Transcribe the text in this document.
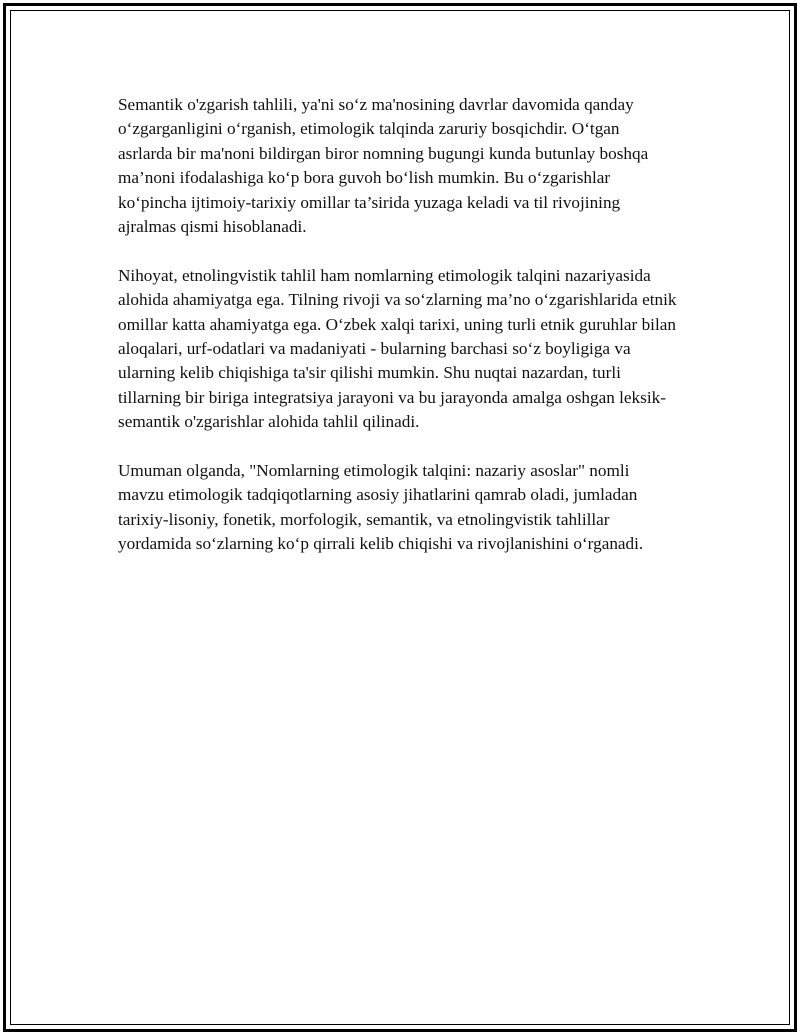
Semantik o'zgarish tahlili, ya'ni so‘z ma'nosining davrlar davomida qanday o‘zgarganligini o‘rganish, etimologik talqinda zaruriy bosqichdir. O‘tgan asrlarda bir ma'noni bildirgan biror nomning bugungi kunda butunlay boshqa ma’noni ifodalashiga ko‘p bora guvoh bo‘lish mumkin. Bu o‘zgarishlar ko‘pincha ijtimoiy-tarixiy omillar ta’sirida yuzaga keladi va til rivojining ajralmas qismi hisoblanadi.

Nihoyat, etnolingvistik tahlil ham nomlarning etimologik talqini nazariyasida alohida ahamiyatga ega. Tilning rivoji va so‘zlarning ma’no o‘zgarishlarida etnik omillar katta ahamiyatga ega. O‘zbek xalqi tarixi, uning turli etnik guruhlar bilan aloqalari, urf-odatlari va madaniyati - bularning barchasi so‘z boyligiga va ularning kelib chiqishiga ta'sir qilishi mumkin. Shu nuqtai nazardan, turli tillarning bir biriga integratsiya jarayoni va bu jarayonda amalga oshgan leksik-semantik o'zgarishlar alohida tahlil qilinadi.

Umuman olganda, "Nomlarning etimologik talqini: nazariy asoslar" nomli mavzu etimologik tadqiqotlarning asosiy jihatlarini qamrab oladi, jumladan tarixiy-lisoniy, fonetik, morfologik, semantik, va etnolingvistik tahlillar yordamida so‘zlarning ko‘p qirrali kelib chiqishi va rivojlanishini o‘rganadi.
